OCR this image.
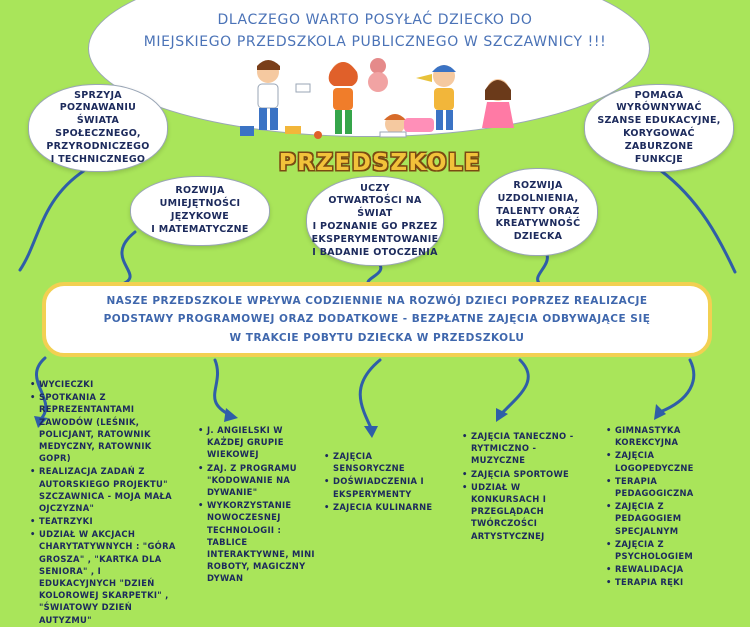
DLACZEGO WARTO POSYŁAĆ DZIECKO DO
MIEJSKIEGO PRZEDSZKOLA PUBLICZNEGO W SZCZAWNICY !!!
PRZEDSZKOLE
SPRZYJA POZNAWANIU
ŚWIATA SPOŁECZNEGO,
PRZYRODNICZEGO
I TECHNICZNEGO
ROZWIJA UMIEJĘTNOŚCI
JĘZYKOWE
I MATEMATYCZNE
UCZY
OTWARTOŚCI NA ŚWIAT
I POZNANIE GO PRZEZ
EKSPERYMENTOWANIE
I BADANIE OTOCZENIA
ROZWIJA
UZDOLNIENIA,
TALENTY ORAZ
KREATYWNOŚĆ
DZIECKA
POMAGA WYRÓWNYWAĆ
SZANSE EDUKACYJNE,
KORYGOWAĆ ZABURZONE
FUNKCJE
NASZE PRZEDSZKOLE WPŁYWA CODZIENNIE NA ROZWÓJ DZIECI POPRZEZ REALIZACJE
PODSTAWY PROGRAMOWEJ ORAZ DODATKOWE - BEZPŁATNE ZAJĘCIA ODBYWAJĄCE SIĘ
W TRAKCIE POBYTU DZIECKA W PRZEDSZKOLU
• WYCIECZKI
• SPOTKANIA Z REPREZENTANTAMI ZAWODÓW (LEŚNIK, POLICJANT, RATOWNIK MEDYCZNY, RATOWNIK GOPR)
• REALIZACJA ZADAŃ Z AUTORSKIEGO PROJEKTU" SZCZAWNICA - MOJA MAŁA OJCZYZNA"
• TEATRZYKI
• UDZIAŁ W AKCJACH CHARYTATYWNYCH : "GÓRA GROSZA" , "KARTKA DLA SENIORA" , I EDUKACYJNYCH "DZIEŃ KOLOROWEJ SKARPETKI" , "ŚWIATOWY DZIEŃ AUTYZMU"
• J. ANGIELSKI W KAŻDEJ GRUPIE WIEKOWEJ
• ZAJ. Z PROGRAMU "KODOWANIE NA DYWANIE"
• WYKORZYSTANIE NOWOCZESNEJ TECHNOLOGII : TABLICE INTERAKTYWNE, MINI ROBOTY, MAGICZNY DYWAN
• ZAJĘCIA SENSORYCZNE
• DOŚWIADCZENIA I EKSPERYMENTY
• ZAJECIA KULINARNE
• ZAJĘCIA TANECZNO - RYTMICZNO - MUZYCZNE
• ZAJĘCIA SPORTOWE
• UDZIAŁ W KONKURSACH I PRZEGLĄDACH TWÓRCZOŚCI ARTYSTYCZNEJ
• GIMNASTYKA KOREKCYJNA
• ZAJĘCIA LOGOPEDYCZNE
• TERAPIA PEDAGOGICZNA
• ZAJĘCIA Z PEDAGOGIEM SPECJALNYM
• ZAJĘCIA Z PSYCHOLOGIEM
• REWALIDACJA
• TERAPIA RĘKI
